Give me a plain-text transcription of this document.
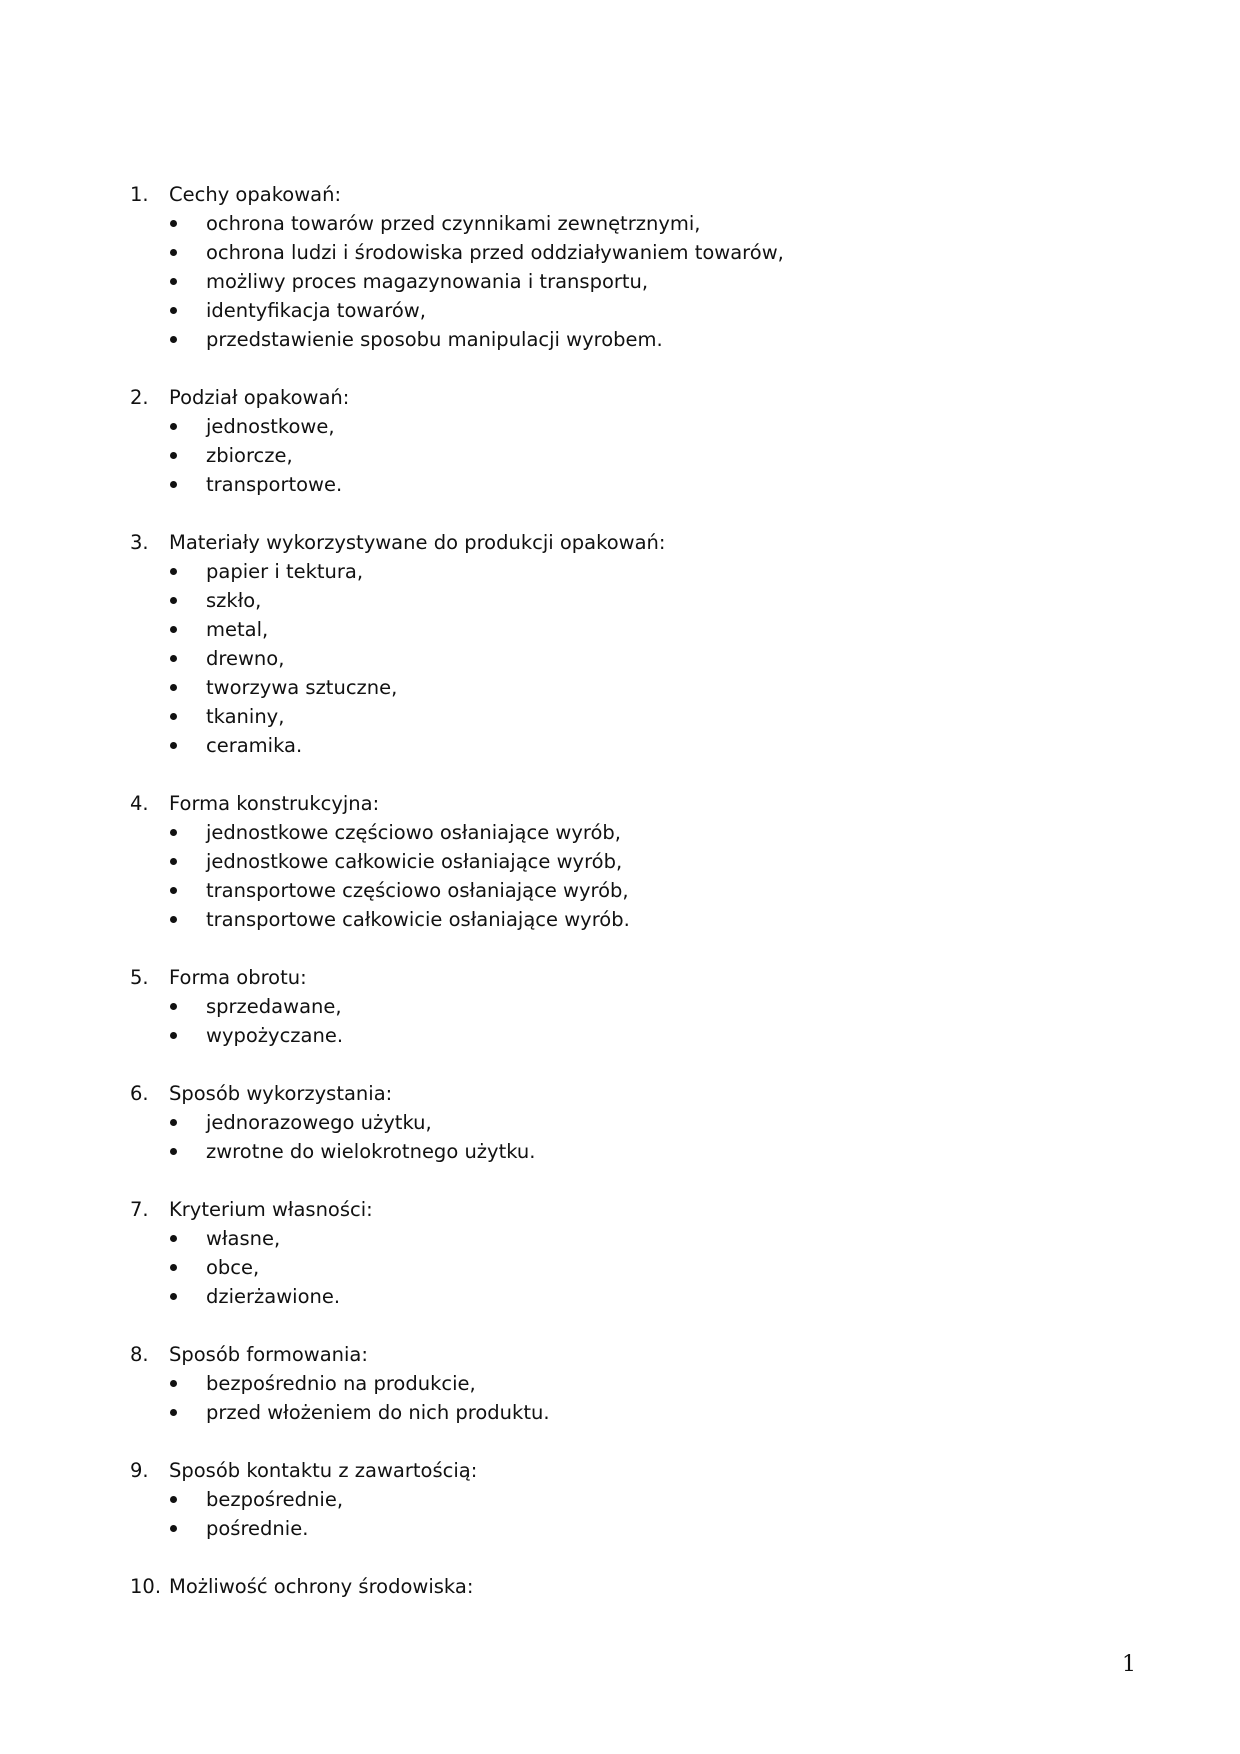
1.	Cechy opakowań:
ochrona towarów przed czynnikami zewnętrznymi,
ochrona ludzi i środowiska przed oddziaływaniem towarów,
możliwy proces magazynowania i transportu,
identyfikacja towarów,
przedstawienie sposobu manipulacji wyrobem.
2.	Podział opakowań:
jednostkowe,
zbiorcze,
transportowe.
3.	Materiały wykorzystywane do produkcji opakowań:
papier i tektura,
szkło,
metal,
drewno,
tworzywa sztuczne,
tkaniny,
ceramika.
4.	Forma konstrukcyjna:
jednostkowe częściowo osłaniające wyrób,
jednostkowe całkowicie osłaniające wyrób,
transportowe częściowo osłaniające wyrób,
transportowe całkowicie osłaniające wyrób.
5.	Forma obrotu:
sprzedawane,
wypożyczane.
6.	Sposób wykorzystania:
jednorazowego użytku,
zwrotne do wielokrotnego użytku.
7.	Kryterium własności:
własne,
obce,
dzierżawione.
8.	Sposób formowania:
bezpośrednio na produkcie,
przed włożeniem do nich produktu.
9.	Sposób kontaktu z zawartością:
bezpośrednie,
pośrednie.
10. Możliwość ochrony środowiska:
1
